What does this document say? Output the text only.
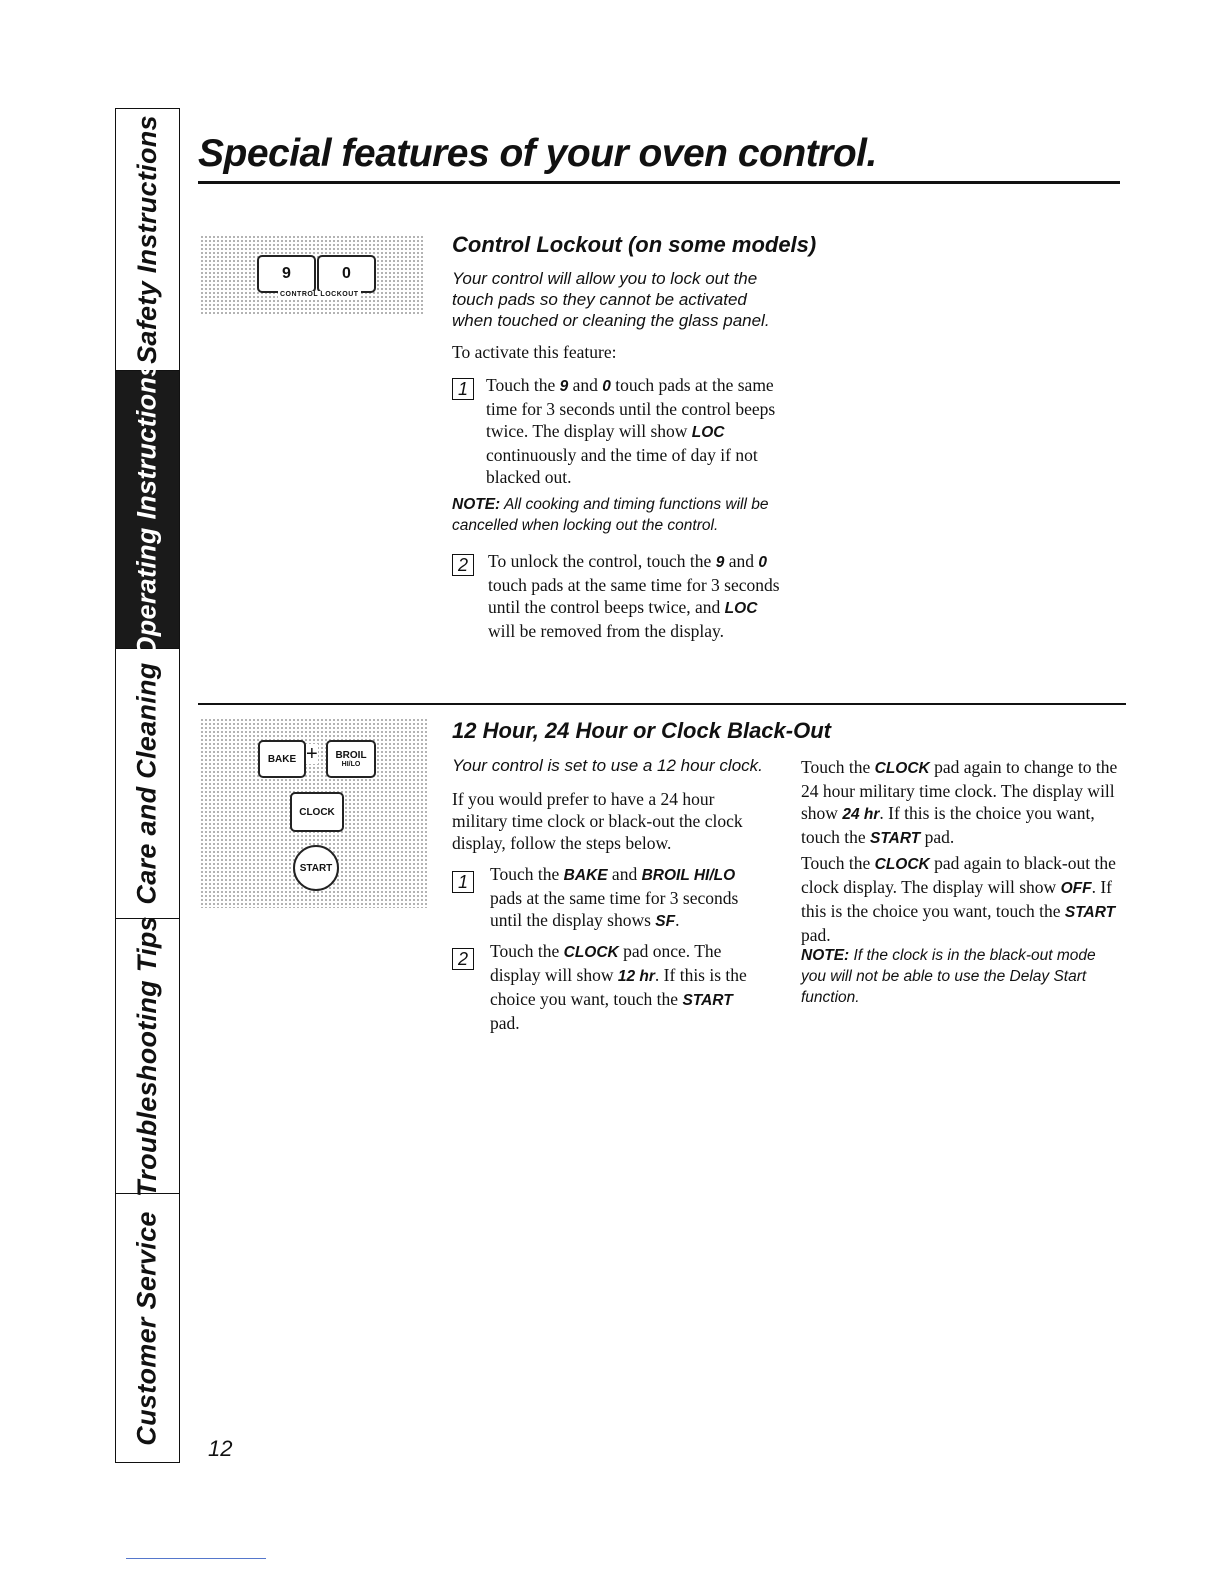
Safety Instructions
Operating Instructions
Care and Cleaning
Troubleshooting Tips
Customer Service
Special features of your oven control.
9	0
CONTROL LOCKOUT
Control Lockout (on some models)
Your control will allow you to lock out the touch pads so they cannot be activated when touched or cleaning the glass panel.
To activate this feature:
1	Touch the 9 and 0 touch pads at the same time for 3 seconds until the control beeps twice. The display will show LOC continuously and the time of day if not blacked out.
NOTE: All cooking and timing functions will be cancelled when locking out the control.
2	To unlock the control, touch the 9 and 0 touch pads at the same time for 3 seconds until the control beeps twice, and LOC will be removed from the display.
BAKE + BROIL
HI/LO
CLOCK
START
12 Hour, 24 Hour or Clock Black-Out
Your control is set to use a 12 hour clock.
If you would prefer to have a 24 hour military time clock or black-out the clock display, follow the steps below.
1	Touch the BAKE and BROIL HI/LO pads at the same time for 3 seconds until the display shows SF.
2	Touch the CLOCK pad once. The display will show 12 hr. If this is the choice you want, touch the START pad.
Touch the CLOCK pad again to change to the 24 hour military time clock. The display will show 24 hr. If this is the choice you want, touch the START pad.
Touch the CLOCK pad again to black-out the clock display. The display will show OFF. If this is the choice you want, touch the START pad.
NOTE: If the clock is in the black-out mode you will not be able to use the Delay Start function.
12
